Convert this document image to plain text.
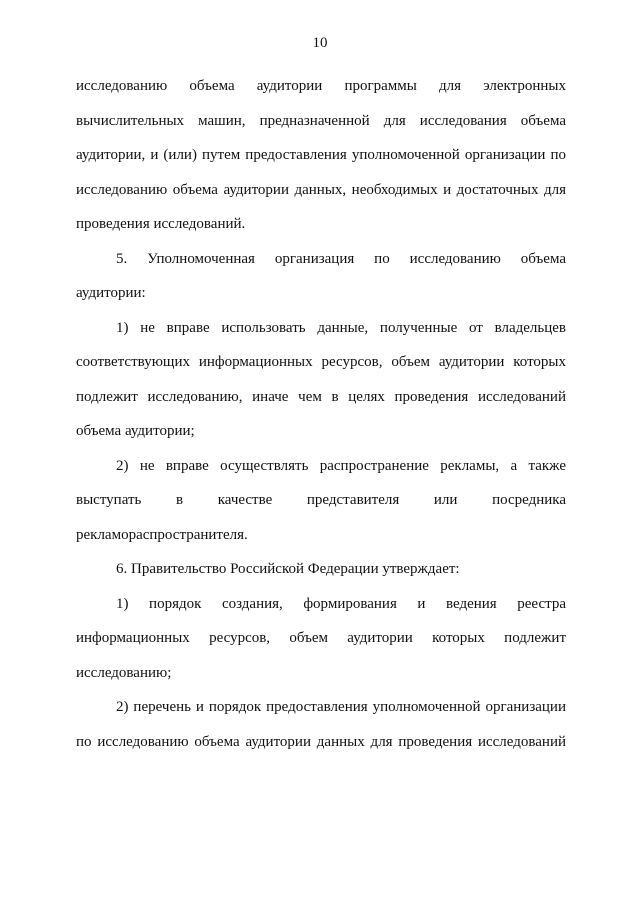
10
исследованию объема аудитории программы для электронных
вычислительных машин, предназначенной для исследования объема
аудитории, и (или) путем предоставления уполномоченной организации по
исследованию объема аудитории данных, необходимых и достаточных для
проведения исследований.
5. Уполномоченная организация по исследованию объема
аудитории:
1) не вправе использовать данные, полученные от владельцев
соответствующих информационных ресурсов, объем аудитории которых
подлежит исследованию, иначе чем в целях проведения исследований
объема аудитории;
2) не вправе осуществлять распространение рекламы, а также
выступать в качестве представителя или посредника
рекламораспространителя.
6. Правительство Российской Федерации утверждает:
1) порядок создания, формирования и ведения реестра
информационных ресурсов, объем аудитории которых подлежит
исследованию;
2) перечень и порядок предоставления уполномоченной организации
по исследованию объема аудитории данных для проведения исследований
